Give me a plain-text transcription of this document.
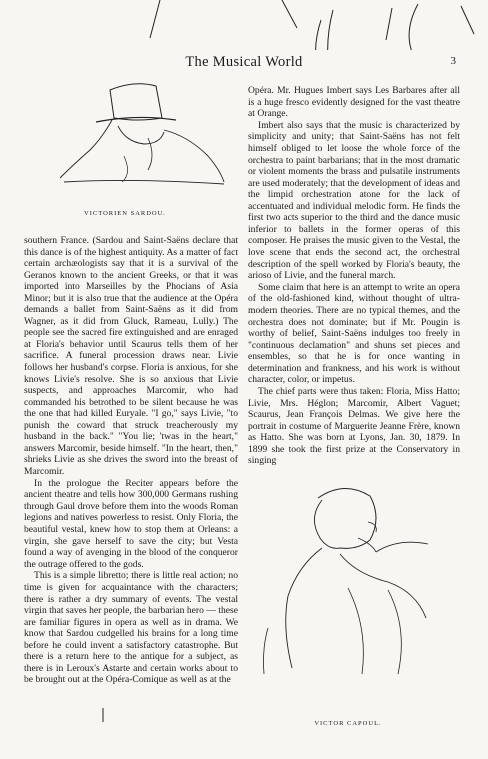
The Musical World	3
VICTORIEN SARDOU.

southern France. (Sardou and Saint-Saëns declare that this dance is of the highest antiquity. As a matter of fact certain archæologists say that it is a survival of the Geranos known to the ancient Greeks, or that it was imported into Marseilles by the Phocians of Asia Minor; but it is also true that the audience at the Opéra demands a ballet from Saint-Saëns as it did from Wagner, as it did from Gluck, Rameau, Lully.) The people see the sacred fire extinguished and are enraged at Floria's behavior until Scaurus tells them of her sacrifice. A funeral procession draws near. Livie follows her husband's corpse. Floria is anxious, for she knows Livie's resolve. She is so anxious that Livie suspects, and approaches Marcomir, who had commanded his betrothed to be silent because he was the one that had killed Euryale. "I go," says Livie, "to punish the coward that struck treacherously my husband in the back." "You lie; 'twas in the heart," answers Marcomir, beside himself. "In the heart, then," shrieks Livie as she drives the sword into the breast of Marcomir.

In the prologue the Reciter appears before the ancient theatre and tells how 300,000 Germans rushing through Gaul drove before them into the woods Roman legions and natives powerless to resist. Only Floria, the beautiful vestal, knew how to stop them at Orleans: a virgin, she gave herself to save the city; but Vesta found a way of avenging in the blood of the conqueror the outrage offered to the gods.

This is a simple libretto; there is little real action; no time is given for acquaintance with the characters; there is rather a dry summary of events. The vestal virgin that saves her people, the barbarian hero — these are familiar figures in opera as well as in drama. We know that Sardou cudgelled his brains for a long time before he could invent a satisfactory catastrophe. But there is a return here to the antique for a subject, as there is in Leroux's Astarte and certain works about to be brought out at the Opéra-Comique as well as at the

Opéra. Mr. Hugues Imbert says Les Barbares after all is a huge fresco evidently designed for the vast theatre at Orange.

Imbert also says that the music is characterized by simplicity and unity; that Saint-Saëns has not felt himself obliged to let loose the whole force of the orchestra to paint barbarians; that in the most dramatic or violent moments the brass and pulsatile instruments are used moderately; that the development of ideas and the limpid orchestration atone for the lack of accentuated and individual melodic form. He finds the first two acts superior to the third and the dance music inferior to ballets in the former operas of this composer. He praises the music given to the Vestal, the love scene that ends the second act, the orchestral description of the spell worked by Floria's beauty, the arioso of Livie, and the funeral march.

Some claim that here is an attempt to write an opera of the old-fashioned kind, without thought of ultra-modern theories. There are no typical themes, and the orchestra does not dominate; but if Mr. Pougin is worthy of belief, Saint-Saëns indulges too freely in "continuous declamation" and shuns set pieces and ensembles, so that he is for once wanting in determination and frankness, and his work is without character, color, or impetus.

The chief parts were thus taken: Floria, Miss Hatto; Livie, Mrs. Héglon; Marcomir, Albert Vaguet; Scaurus, Jean François Delmas. We give here the portrait in costume of Marguerite Jeanne Frère, known as Hatto. She was born at Lyons, Jan. 30, 1879. In 1899 she took the first prize at the Conservatory in singing

VICTOR CAPOUL.
